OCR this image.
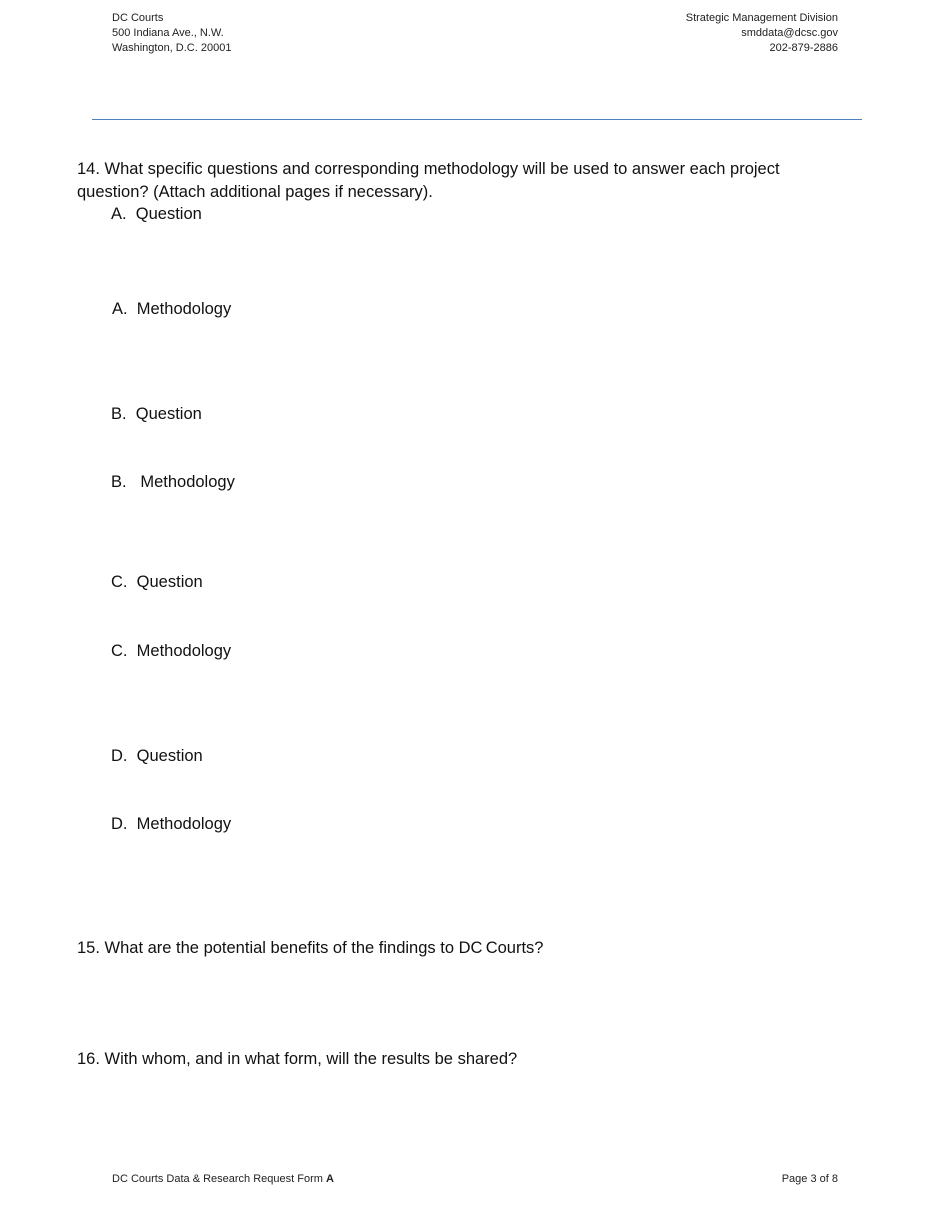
DC Courts
500 Indiana Ave., N.W.
Washington, D.C. 20001
Strategic Management Division
smddata@dcsc.gov
202-879-2886
14. What specific questions and corresponding methodology will be used to answer each project question? (Attach additional pages if necessary).
A.  Question
A.  Methodology
B.  Question
B.   Methodology
C.  Question
C.  Methodology
D.  Question
D.  Methodology
15. What are the potential benefits of the findings to DC Courts?
16. With whom, and in what form, will the results be shared?
DC Courts Data & Research Request Form A	Page 3 of 8
